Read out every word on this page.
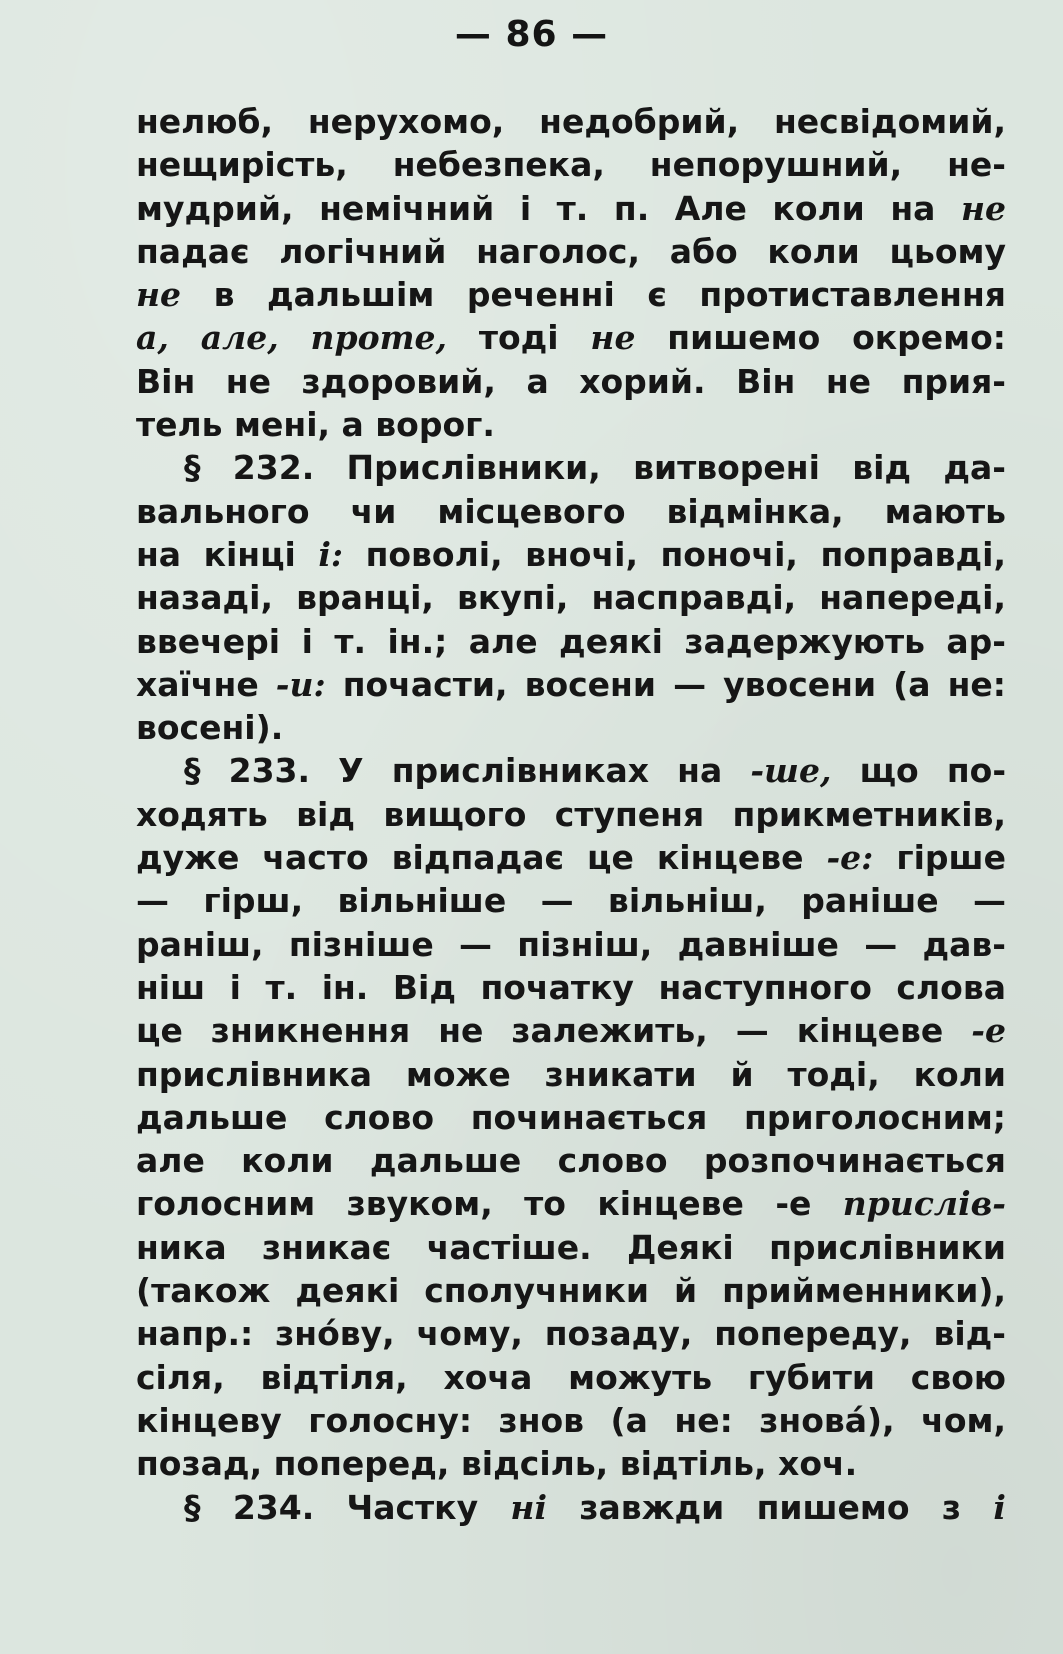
— 86 —
нелюб, нерухомо, недобрий, несвідомий,
нещирість, небезпека, непорушний, не-
мудрий, немічний і т. п. Але коли на не
падає логічний наголос, або коли цьому
не в дальшім реченні є протиставлення
а, але, проте, тоді не пишемо окремо:
Він не здоровий, а хорий. Він не прия-
тель мені, а ворог.
§ 232. Прислівники, витворені від да-
вального чи місцевого відмінка, мають
на кінці і: поволі, вночі, поночі, поправді,
назаді, вранці, вкупі, насправді, напереді,
ввечері і т. ін.; але деякі задержують ар-
хаїчне -и: почасти, восени — увосени (а не:
восені).
§ 233. У прислівниках на -ше, що по-
ходять від вищого ступеня прикметників,
дуже часто відпадає це кінцеве -е: гірше
— гірш, вільніше — вільніш, раніше —
раніш, пізніше — пізніш, давніше — дав-
ніш і т. ін. Від початку наступного слова
це зникнення не залежить, — кінцеве -е
прислівника може зникати й тоді, коли
дальше слово починається приголосним;
але коли дальше слово розпочинається
голосним звуком, то кінцеве -е прислів-
ника зникає частіше. Деякі прислівники
(також деякі сполучники й прийменники),
напр.: знóву, чому, позаду, попереду, від-
сіля, відтіля, хоча можуть губити свою
кінцеву голосну: знов (а не: знова́), чом,
позад, поперед, відсіль, відтіль, хоч.
§ 234. Частку ні завжди пишемо з і
